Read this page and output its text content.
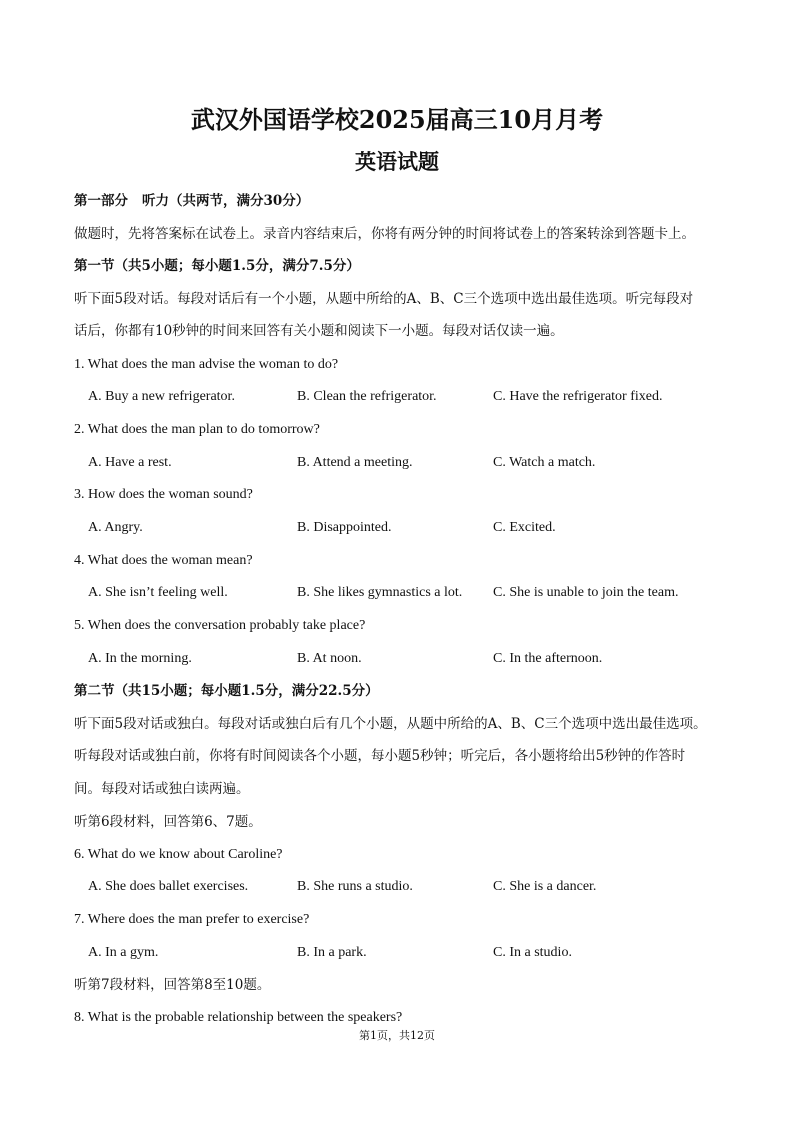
武汉外国语学校2025届高三10月月考
英语试题
第一部分 听力（共两节，满分30分）
做题时，先将答案标在试卷上。录音内容结束后，你将有两分钟的时间将试卷上的答案转涂到答题卡上。
第一节（共5小题；每小题1.5分，满分7.5分）
听下面5段对话。每段对话后有一个小题，从题中所给的A、B、C三个选项中选出最佳选项。听完每段对
话后，你都有10秒钟的时间来回答有关小题和阅读下一小题。每段对话仅读一遍。
1. What does the man advise the woman to do?
A. Buy a new refrigerator.	B. Clean the refrigerator.	C. Have the refrigerator fixed.
2. What does the man plan to do tomorrow?
A. Have a rest.	B. Attend a meeting.	C. Watch a match.
3. How does the woman sound?
A. Angry.	B. Disappointed.	C. Excited.
4. What does the woman mean?
A. She isn’t feeling well.	B. She likes gymnastics a lot. C. She is unable to join the team.
5. When does the conversation probably take place?
A. In the morning.	B. At noon.	C. In the afternoon.
第二节（共15小题；每小题1.5分，满分22.5分）
听下面5段对话或独白。每段对话或独白后有几个小题，从题中所给的A、B、C三个选项中选出最佳选项。
听每段对话或独白前，你将有时间阅读各个小题，每小题5秒钟；听完后，各小题将给出5秒钟的作答时
间。每段对话或独白读两遍。
听第6段材料，回答第6、7题。
6. What do we know about Caroline?
A. She does ballet exercises.	B. She runs a studio.	C. She is a dancer.
7. Where does the man prefer to exercise?
A. In a gym.	B. In a park.	C. In a studio.
听第7段材料，回答第8至10题。
8. What is the probable relationship between the speakers?
第1页，共12页
